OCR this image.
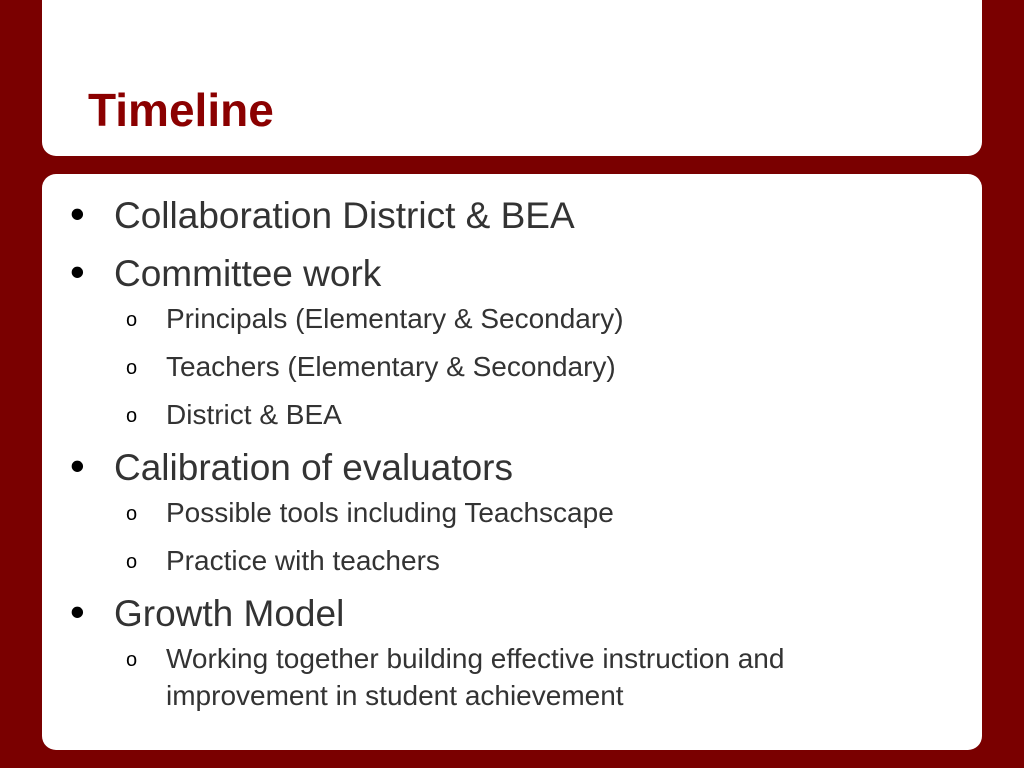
Timeline
• Collaboration District & BEA
• Committee work
o Principals (Elementary & Secondary)
o Teachers (Elementary & Secondary)
o District & BEA
• Calibration of evaluators
o Possible tools including Teachscape
o Practice with teachers
• Growth Model
o Working together building effective instruction and improvement in student achievement
